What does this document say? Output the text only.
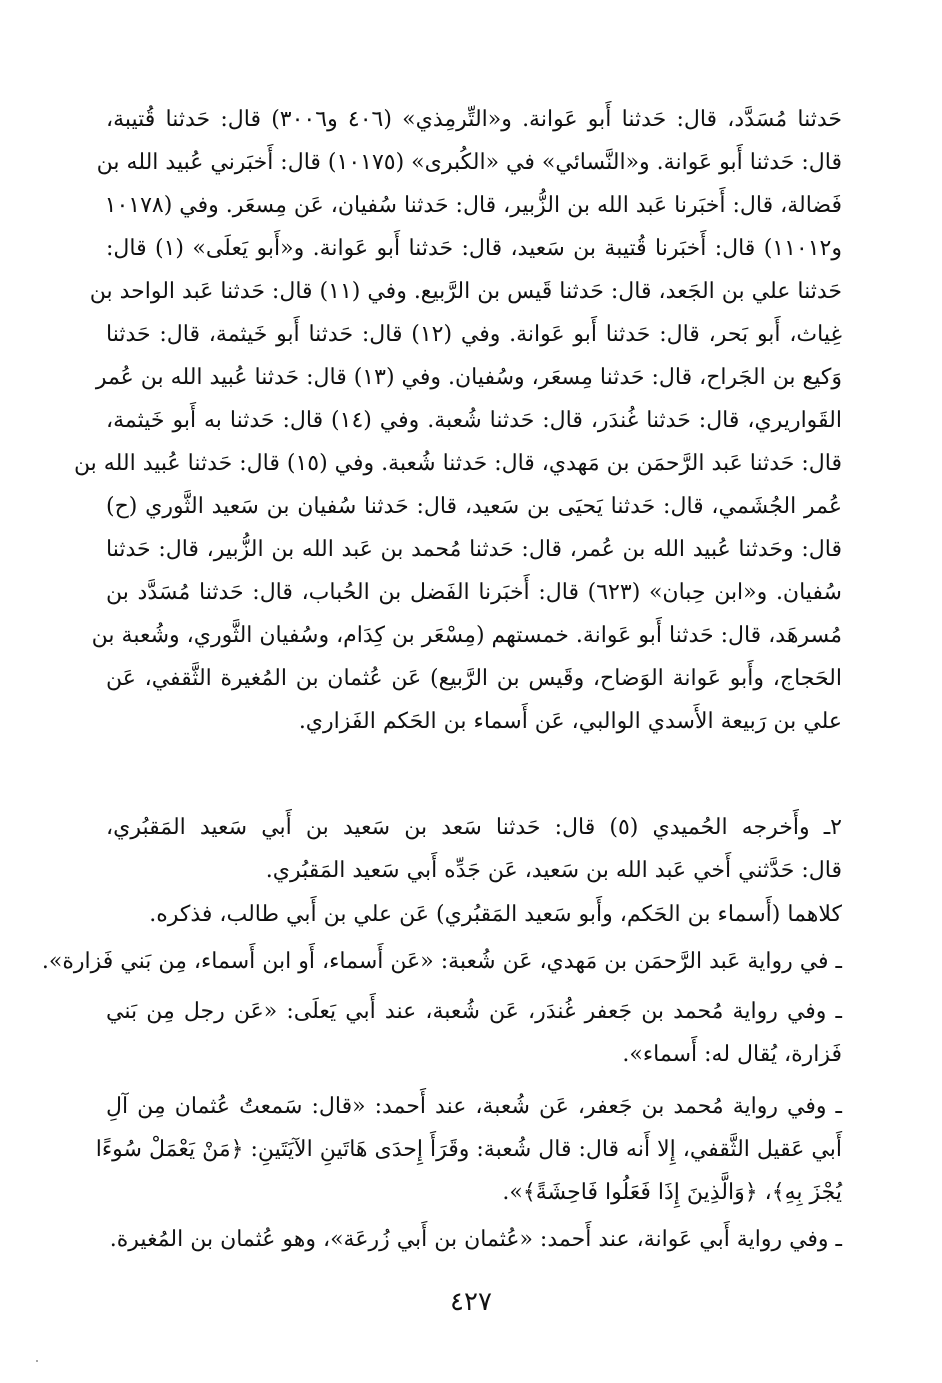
حَدثنا مُسَدَّد، قال: حَدثنا أَبو عَوانة. و«التِّرمِذي» (٤٠٦ و٣٠٠٦) قال: حَدثنا قُتيبة،
قال: حَدثنا أَبو عَوانة. و«النَّسائي» في «الكُبرى» (١٠١٧٥) قال: أَخبَرني عُبيد الله بن
فَضالة، قال: أَخبَرنا عَبد الله بن الزُّبير، قال: حَدثنا سُفيان، عَن مِسعَر. وفي (١٠١٧٨
و١١٠١٢) قال: أَخبَرنا قُتيبة بن سَعيد، قال: حَدثنا أَبو عَوانة. و«أَبو يَعلَى» (١) قال:
حَدثنا علي بن الجَعد، قال: حَدثنا قَيس بن الرَّبيع. وفي (١١) قال: حَدثنا عَبد الواحد بن
غِياث، أَبو بَحر، قال: حَدثنا أَبو عَوانة. وفي (١٢) قال: حَدثنا أَبو خَيثمة، قال: حَدثنا
وَكيع بن الجَراح، قال: حَدثنا مِسعَر، وسُفيان. وفي (١٣) قال: حَدثنا عُبيد الله بن عُمر
القَواريري، قال: حَدثنا غُندَر، قال: حَدثنا شُعبة. وفي (١٤) قال: حَدثنا به أَبو خَيثمة،
قال: حَدثنا عَبد الرَّحمَن بن مَهدي، قال: حَدثنا شُعبة. وفي (١٥) قال: حَدثنا عُبيد الله بن
عُمر الجُشَمي، قال: حَدثنا يَحيَى بن سَعيد، قال: حَدثنا سُفيان بن سَعيد الثَّوري (ح)
قال: وحَدثنا عُبيد الله بن عُمر، قال: حَدثنا مُحمد بن عَبد الله بن الزُّبير، قال: حَدثنا
سُفيان. و«ابن حِبان» (٦٢٣) قال: أَخبَرنا الفَضل بن الحُباب، قال: حَدثنا مُسَدَّد بن
مُسرهَد، قال: حَدثنا أَبو عَوانة. خمستهم (مِسْعَر بن كِدَام، وسُفيان الثَّوري، وشُعبة بن
الحَجاج، وأَبو عَوانة الوَضاح، وقَيس بن الرَّبيع) عَن عُثمان بن المُغيرة الثَّقفي، عَن
علي بن رَبيعة الأَسدي الوالبي، عَن أَسماء بن الحَكم الفَزاري.
٢ـ وأَخرجه الحُميدي (٥) قال: حَدثنا سَعد بن سَعيد بن أَبي سَعيد المَقبُري،
قال: حَدَّثني أَخي عَبد الله بن سَعيد، عَن جَدِّه أَبي سَعيد المَقبُري.
كلاهما (أَسماء بن الحَكم، وأَبو سَعيد المَقبُري) عَن علي بن أَبي طالب، فذكره.
ـ في رواية عَبد الرَّحمَن بن مَهدي، عَن شُعبة: «عَن أَسماء، أَو ابن أَسماء، مِن بَني فَزارة».
ـ وفي رواية مُحمد بن جَعفر غُندَر، عَن شُعبة، عند أَبي يَعلَى: «عَن رجل مِن بَني
فَزارة، يُقال له: أَسماء».
ـ وفي رواية مُحمد بن جَعفر، عَن شُعبة، عند أَحمد: «قال: سَمعتُ عُثمان مِن آلِ
أَبي عَقيل الثَّقفي، إِلا أَنه قال: قال شُعبة: وقَرَأَ إِحدَى هَاتَينِ الآيَتَينِ: ﴿مَنْ يَعْمَلْ سُوءًا
يُجْزَ بِهِ﴾، ﴿وَالَّذِينَ إِذَا فَعَلُوا فَاحِشَةً﴾».
ـ وفي رواية أَبي عَوانة، عند أَحمد: «عُثمان بن أَبي زُرعَة»، وهو عُثمان بن المُغيرة.
٤٢٧
